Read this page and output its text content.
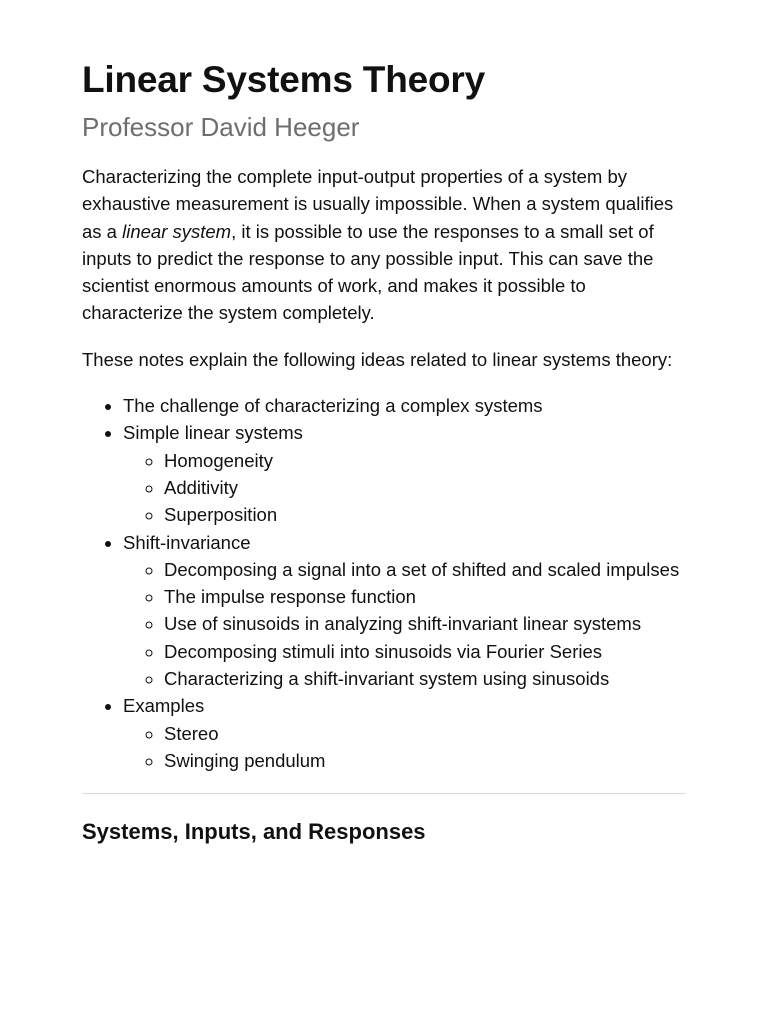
Linear Systems Theory
Professor David Heeger

Characterizing the complete input-output properties of a system by exhaustive measurement is usually impossible. When a system qualifies as a linear system, it is possible to use the responses to a small set of inputs to predict the response to any possible input. This can save the scientist enormous amounts of work, and makes it possible to characterize the system completely.

These notes explain the following ideas related to linear systems theory:

• The challenge of characterizing a complex systems
• Simple linear systems
◦ Homogeneity
◦ Additivity
◦ Superposition
• Shift-invariance
◦ Decomposing a signal into a set of shifted and scaled impulses
◦ The impulse response function
◦ Use of sinusoids in analyzing shift-invariant linear systems
◦ Decomposing stimuli into sinusoids via Fourier Series
◦ Characterizing a shift-invariant system using sinusoids
• Examples
◦ Stereo
◦ Swinging pendulum
Systems, Inputs, and Responses
